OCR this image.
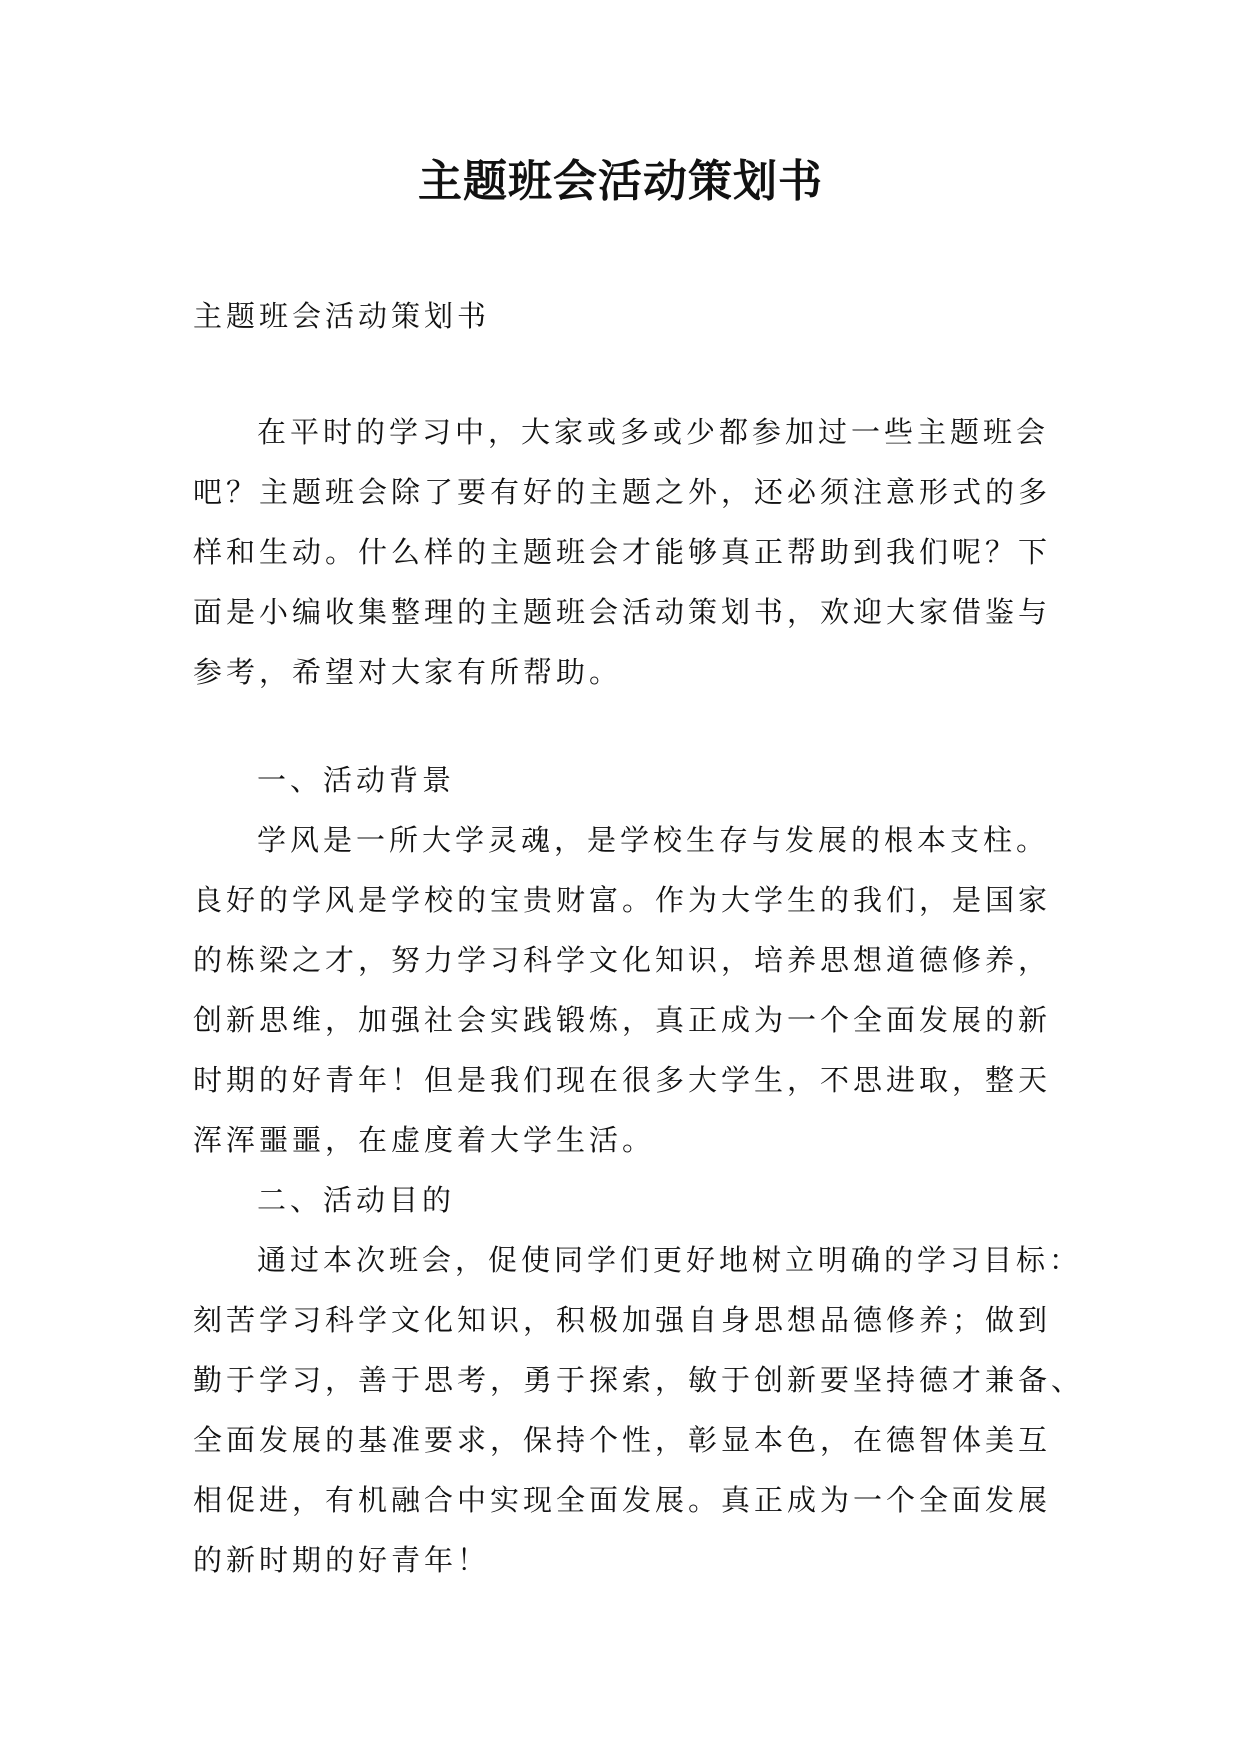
主题班会活动策划书
主题班会活动策划书
在平时的学习中，大家或多或少都参加过一些主题班会
吧？主题班会除了要有好的主题之外，还必须注意形式的多
样和生动。什么样的主题班会才能够真正帮助到我们呢？下
面是小编收集整理的主题班会活动策划书，欢迎大家借鉴与
参考，希望对大家有所帮助。
一、活动背景
学风是一所大学灵魂，是学校生存与发展的根本支柱。
良好的学风是学校的宝贵财富。作为大学生的我们，是国家
的栋梁之才，努力学习科学文化知识，培养思想道德修养，
创新思维，加强社会实践锻炼，真正成为一个全面发展的新
时期的好青年！但是我们现在很多大学生，不思进取，整天
浑浑噩噩，在虚度着大学生活。
二、活动目的
通过本次班会，促使同学们更好地树立明确的学习目标：
刻苦学习科学文化知识，积极加强自身思想品德修养；做到
勤于学习，善于思考，勇于探索，敏于创新要坚持德才兼备、
全面发展的基准要求，保持个性，彰显本色，在德智体美互
相促进，有机融合中实现全面发展。真正成为一个全面发展
的新时期的好青年！
